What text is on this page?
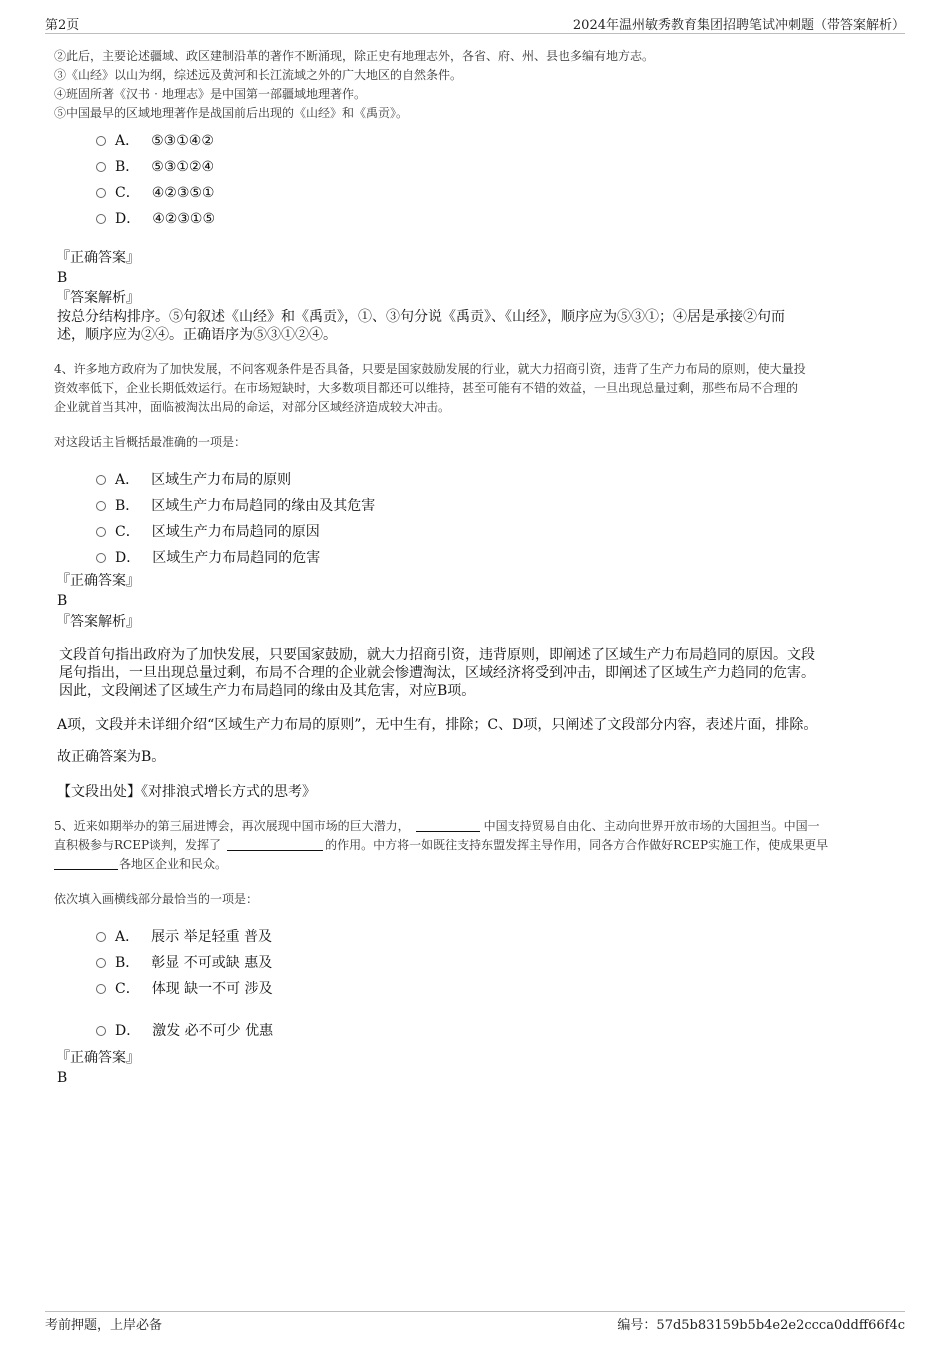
第2页	2024年温州敏秀教育集团招聘笔试冲刺题（带答案解析）
②此后，主要论述疆域、政区建制沿革的著作不断涌现，除正史有地理志外，各省、府、州、县也多编有地方志。
③《山经》以山为纲，综述远及黄河和长江流域之外的广大地区的自然条件。
④班固所著《汉书‧地理志》是中国第一部疆域地理著作。
⑤中国最早的区域地理著作是战国前后出现的《山经》和《禹贡》。
A． ⑤③①④②
B． ⑤③①②④
C． ④②③⑤①
D． ④②③①⑤
『正确答案』
B
『答案解析』
按总分结构排序。⑤句叙述《山经》和《禹贡》，①、③句分说《禹贡》、《山经》，顺序应为⑤③①；④居是承接②句而
述，顺序应为②④。正确语序为⑤③①②④。
4、许多地方政府为了加快发展，不问客观条件是否具备，只要是国家鼓励发展的行业，就大力招商引资，违背了生产力布局的原则，使大量投
资效率低下，企业长期低效运行。在市场短缺时，大多数项目都还可以维持，甚至可能有不错的效益，一旦出现总量过剩，那些布局不合理的
企业就首当其冲，面临被淘汰出局的命运，对部分区域经济造成较大冲击。
对这段话主旨概括最准确的一项是：
A． 区域生产力布局的原则
B． 区域生产力布局趋同的缘由及其危害
C． 区域生产力布局趋同的原因
D． 区域生产力布局趋同的危害
『正确答案』
B
『答案解析』
文段首句指出政府为了加快发展，只要国家鼓励，就大力招商引资，违背原则，即阐述了区域生产力布局趋同的原因。文段
尾句指出，一旦出现总量过剩，布局不合理的企业就会惨遭淘汰，区域经济将受到冲击，即阐述了区域生产力趋同的危害。
因此，文段阐述了区域生产力布局趋同的缘由及其危害，对应B项。
A项，文段并未详细介绍“区域生产力布局的原则”，无中生有，排除；C、D项，只阐述了文段部分内容，表述片面，排除。
故正确答案为B。
【文段出处】《对排浪式增长方式的思考》
5、近来如期举办的第三届进博会，再次展现中国市场的巨大潜力，	中国支持贸易自由化、主动向世界开放市场的大国担当。中国一
直积极参与RCEP谈判，发挥了	的作用。中方将一如既往支持东盟发挥主导作用，同各方合作做好RCEP实施工作，使成果更早
各地区企业和民众。
依次填入画横线部分最恰当的一项是：
A． 展示 举足轻重 普及
B． 彰显 不可或缺 惠及
C． 体现 缺一不可 涉及
D． 激发 必不可少 优惠
『正确答案』
B
考前押题，上岸必备	编号：57d5b83159b5b4e2e2ccca0ddff66f4c
